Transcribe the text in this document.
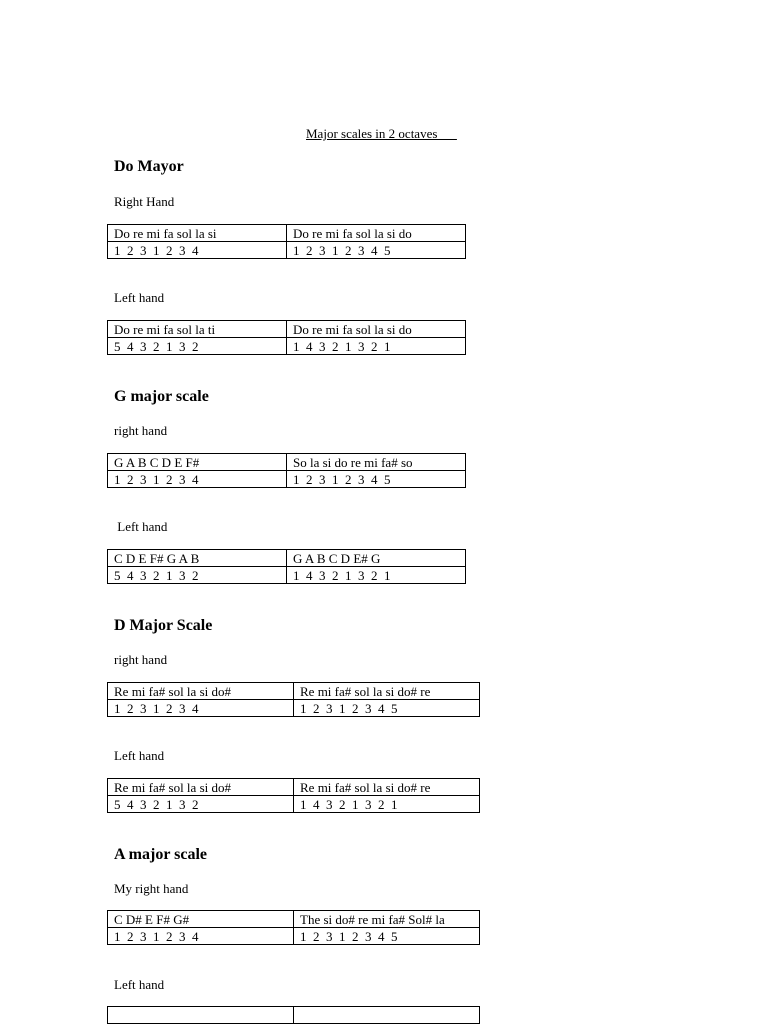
Major scales in 2 octaves
Do Mayor
Right Hand
Do re mi fa sol la si	Do re mi fa sol la si do
1  2  3  1  2  3  4	1  2  3  1  2  3  4  5
Left hand
Do re mi fa sol la ti	Do re mi fa sol la si do
5  4  3  2  1  3  2	1  4  3  2  1  3  2  1
G major scale
right hand
G A B C D E F#	So la si do re mi fa# so
1  2  3  1  2  3  4	1  2  3  1  2  3  4  5
Left hand
C D E F# G A B	G A B C D E# G
5  4  3  2  1  3  2	1  4  3  2  1  3  2  1
D Major Scale
right hand
Re mi fa# sol la si do#	Re mi fa# sol la si do# re
1  2  3  1  2  3  4	1  2  3  1  2  3  4  5
Left hand
Re mi fa# sol la si do#	Re mi fa# sol la si do# re
5  4  3  2  1  3  2	1  4  3  2  1  3  2  1
A major scale
My right hand
C D# E F# G#	The si do# re mi fa# Sol# la
1  2  3  1  2  3  4	1  2  3  1  2  3  4  5
Left hand
